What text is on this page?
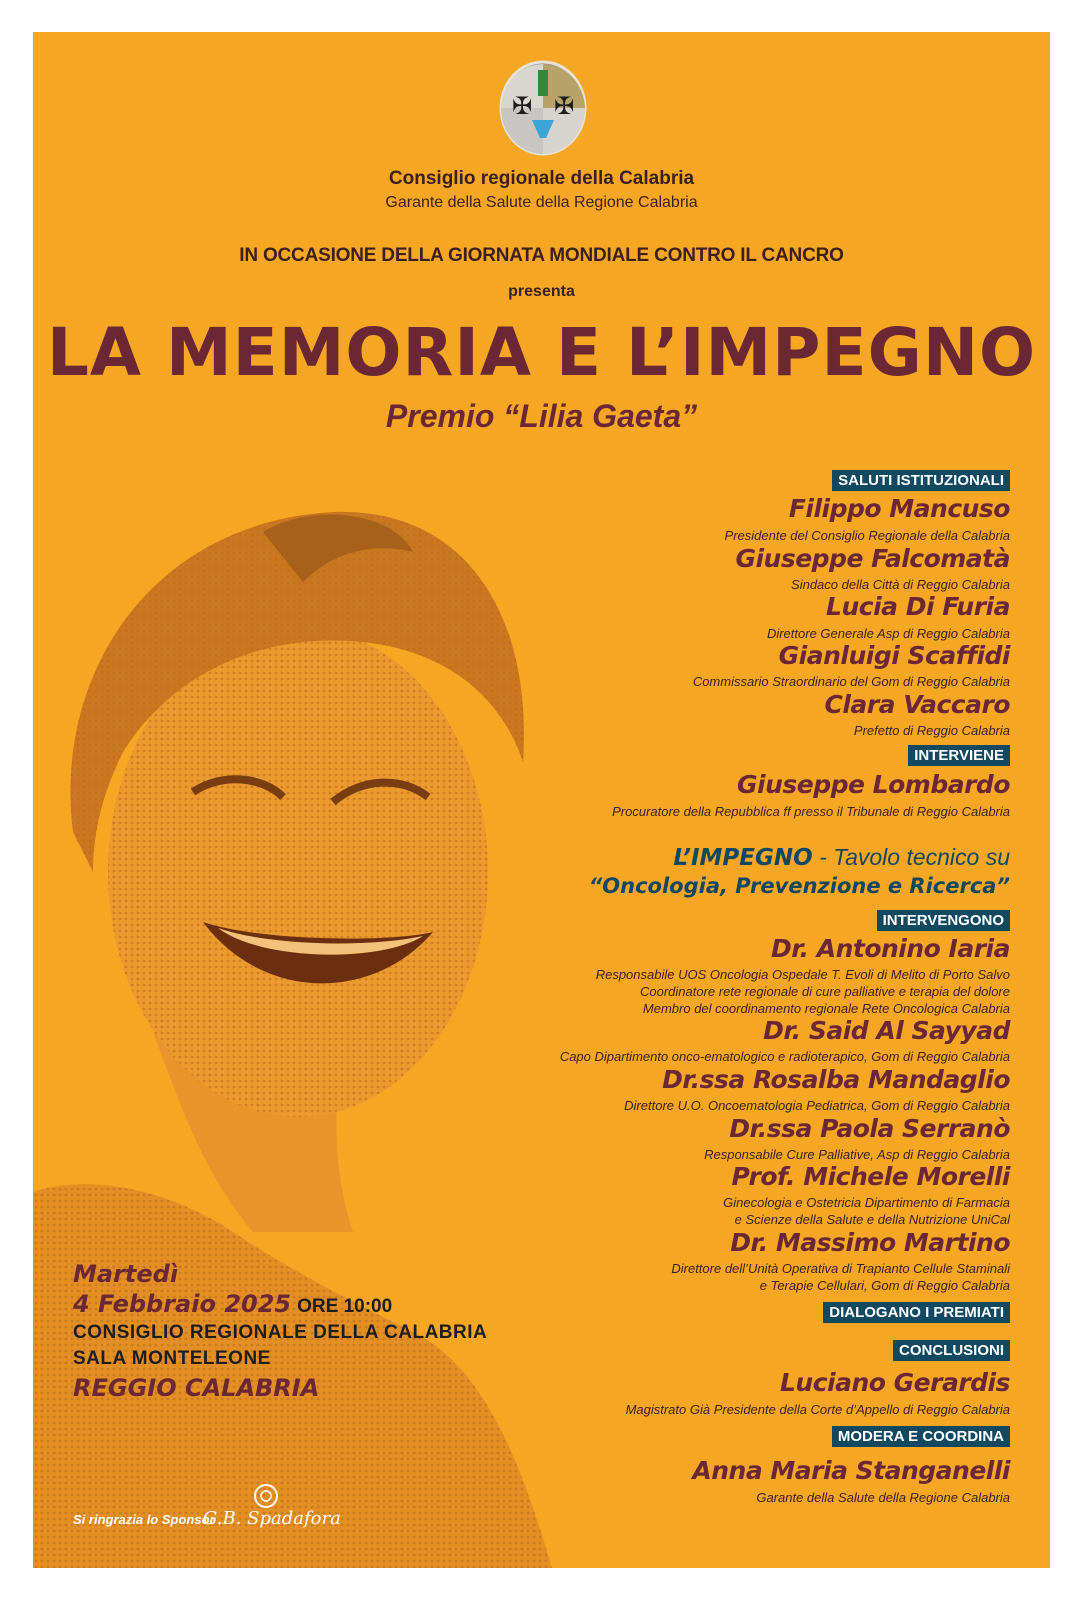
✠ ✠
Consiglio regionale della Calabria
Garante della Salute della Regione Calabria
IN OCCASIONE DELLA GIORNATA MONDIALE CONTRO IL CANCRO
presenta
LA MEMORIA E L’IMPEGNO
Premio “Lilia Gaeta”
SALUTI ISTITUZIONALI
Filippo Mancuso
Presidente del Consiglio Regionale della Calabria
Giuseppe Falcomatà
Sindaco della Città di Reggio Calabria
Lucia Di Furia
Direttore Generale Asp di Reggio Calabria
Gianluigi Scaffidi
Commissario Straordinario del Gom di Reggio Calabria
Clara Vaccaro
Prefetto di Reggio Calabria
INTERVIENE
Giuseppe Lombardo
Procuratore della Repubblica ff presso il Tribunale di Reggio Calabria
L’IMPEGNO - Tavolo tecnico su
“Oncologia, Prevenzione e Ricerca”
INTERVENGONO
Dr. Antonino Iaria
Responsabile UOS Oncologia Ospedale T. Evoli di Melito di Porto Salvo
Coordinatore rete regionale di cure palliative e terapia del dolore
Membro del coordinamento regionale Rete Oncologica Calabria
Dr. Said Al Sayyad
Capo Dipartimento onco-ematologico e radioterapico, Gom di Reggio Calabria
Dr.ssa Rosalba Mandaglio
Direttore U.O. Oncoematologia Pediatrica, Gom di Reggio Calabria
Dr.ssa Paola Serranò
Responsabile Cure Palliative, Asp di Reggio Calabria
Prof. Michele Morelli
Ginecologia e Ostetricia Dipartimento di Farmacia
e Scienze della Salute e della Nutrizione UniCal
Dr. Massimo Martino
Direttore dell’Unità Operativa di Trapianto Cellule Staminali
e Terapie Cellulari, Gom di Reggio Calabria
DIALOGANO I PREMIATI
CONCLUSIONI
Luciano Gerardis
Magistrato Già Presidente della Corte d’Appello di Reggio Calabria
MODERA E COORDINA
Anna Maria Stanganelli
Garante della Salute della Regione Calabria
Martedì
4 Febbraio 2025 ORE 10:00
CONSIGLIO REGIONALE DELLA CALABRIA
SALA MONTELEONE
REGGIO CALABRIA
Si ringrazia lo Sponsor
G.B. Spadafora
